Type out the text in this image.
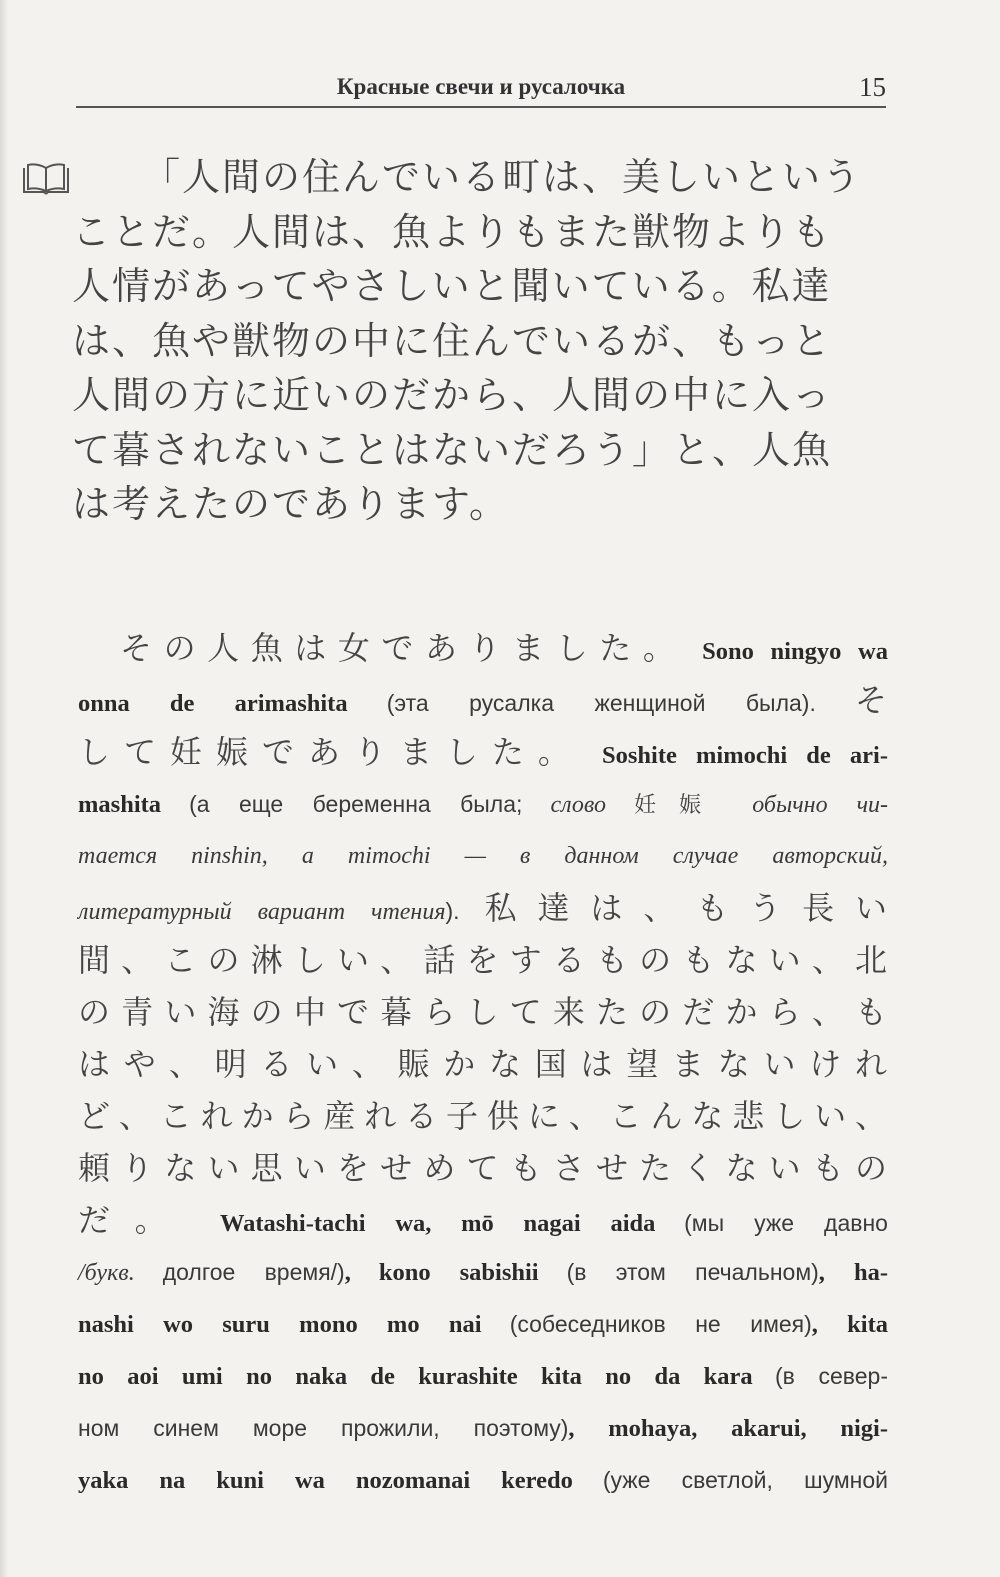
Красные свечи и русалочка	15
「人間の住んでいる町は、美しいという
ことだ。人間は、魚よりもまた獣物よりも
人情があってやさしいと聞いている。私達
は、魚や獣物の中に住んでいるが、もっと
人間の方に近いのだから、人間の中に入っ
て暮されないことはないだろう」と、人魚
は考えたのであります。
その人魚は女でありました。 Sono ningyo wa
onna de arimashita (эта русалка женщиной была). そ
して妊娠でありました。 Soshite mimochi de ari-
mashita (а еще беременна была; слово 妊娠 обычно чи-
тается ninshin, а mimochi — в данном случае авторский,
литературный вариант чтения). 私達は、もう長い
間、この淋しい、話をするものもない、北
の青い海の中で暮らして来たのだから、も
はや、明るい、賑かな国は望まないけれ
ど、これから産れる子供に、こんな悲しい、
頼りない思いをせめてもさせたくないもの
だ。 Watashi-tachi wa, mō nagai aida (мы уже давно
/букв. долгое время/), kono sabishii (в этом печальном), ha-
nashi wo suru mono mo nai (собеседников не имея), kita
no aoi umi no naka de kurashite kita no da kara (в север-
ном синем море прожили, поэтому), mohaya, akarui, nigi-
yaka na kuni wa nozomanai keredo (уже светлой, шумной
